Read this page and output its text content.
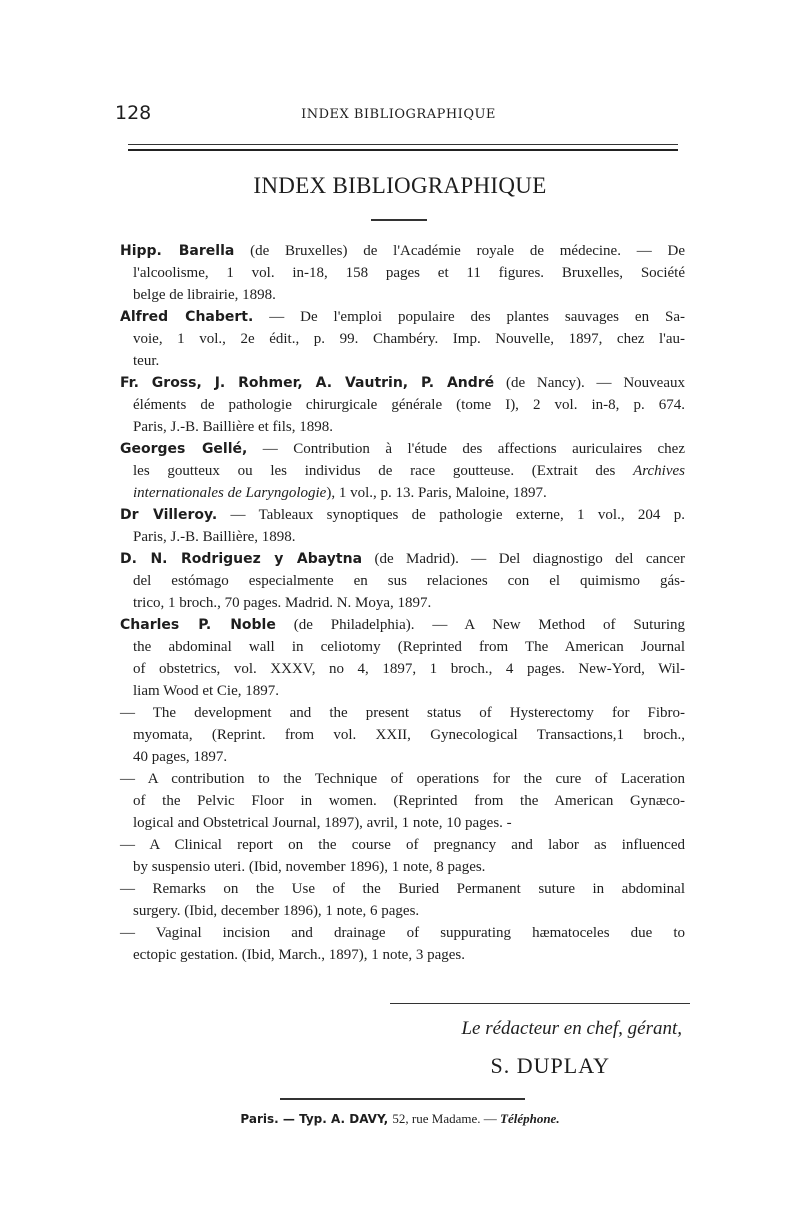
128	INDEX BIBLIOGRAPHIQUE
INDEX BIBLIOGRAPHIQUE
Hipp. Barella (de Bruxelles) de l'Académie royale de médecine. — De
l'alcoolisme, 1 vol. in-18, 158 pages et 11 figures. Bruxelles, Société
belge de librairie, 1898.
Alfred Chabert. — De l'emploi populaire des plantes sauvages en Sa-
voie, 1 vol., 2e édit., p. 99. Chambéry. Imp. Nouvelle, 1897, chez l'au-
teur.
Fr. Gross, J. Rohmer, A. Vautrin, P. André (de Nancy). — Nouveaux
éléments de pathologie chirurgicale générale (tome I), 2 vol. in-8, p. 674.
Paris, J.-B. Baillière et fils, 1898.
Georges Gellé, — Contribution à l'étude des affections auriculaires chez
les goutteux ou les individus de race goutteuse. (Extrait des Archives
internationales de Laryngologie), 1 vol., p. 13. Paris, Maloine, 1897.
Dr Villeroy. — Tableaux synoptiques de pathologie externe, 1 vol., 204 p.
Paris, J.-B. Baillière, 1898.
D. N. Rodriguez y Abaytna (de Madrid). — Del diagnostigo del cancer
del estómago especialmente en sus relaciones con el quimismo gás-
trico, 1 broch., 70 pages. Madrid. N. Moya, 1897.
Charles P. Noble (de Philadelphia). — A New Method of Suturing
the abdominal wall in celiotomy (Reprinted from The American Journal
of obstetrics, vol. XXXV, no 4, 1897, 1 broch., 4 pages. New-Yord, Wil-
liam Wood et Cie, 1897.
— The development and the present status of Hysterectomy for Fibro-
myomata, (Reprint. from vol. XXII, Gynecological Transactions,1 broch.,
40 pages, 1897.
— A contribution to the Technique of operations for the cure of Laceration
of the Pelvic Floor in women. (Reprinted from the American Gynæco-
logical and Obstetrical Journal, 1897), avril, 1 note, 10 pages. -
— A Clinical report on the course of pregnancy and labor as influenced
by suspensio uteri. (Ibid, november 1896), 1 note, 8 pages.
— Remarks on the Use of the Buried Permanent suture in abdominal
surgery. (Ibid, december 1896), 1 note, 6 pages.
— Vaginal incision and drainage of suppurating hæmatoceles due to
ectopic gestation. (Ibid, March., 1897), 1 note, 3 pages.
Le rédacteur en chef, gérant,
S. DUPLAY
Paris. — Typ. A. DAVY, 52, rue Madame. — Téléphone.
